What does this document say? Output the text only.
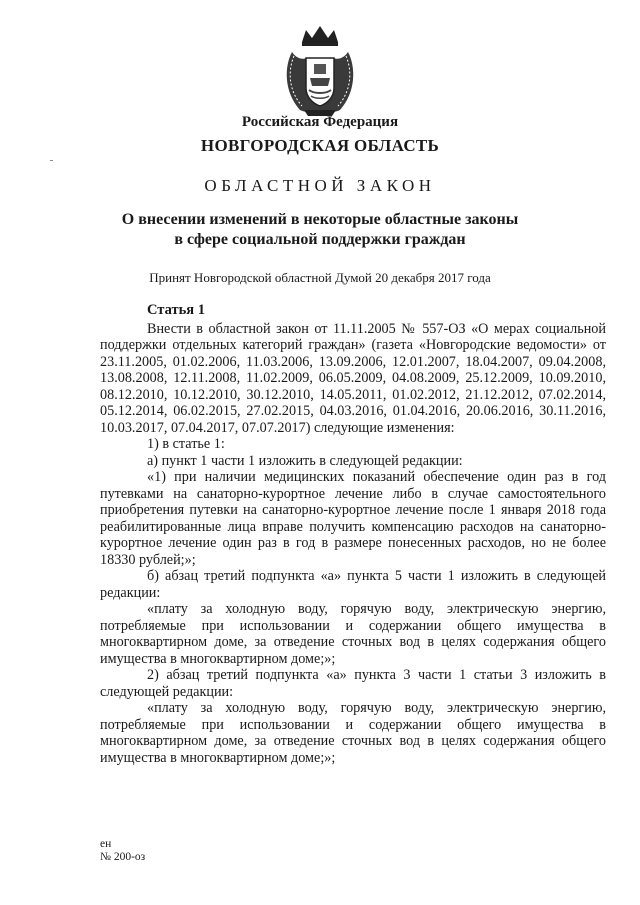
Российская Федерация
НОВГОРОДСКАЯ ОБЛАСТЬ
ОБЛАСТНОЙ ЗАКОН
О внесении изменений в некоторые областные законы
в сфере социальной поддержки граждан
Принят Новгородской областной Думой 20 декабря 2017 года
Статья 1

Внести в областной закон от 11.11.2005 № 557-ОЗ «О мерах социальной поддержки отдельных категорий граждан» (газета «Новгородские ведомости» от 23.11.2005, 01.02.2006, 11.03.2006, 13.09.2006, 12.01.2007, 18.04.2007, 09.04.2008, 13.08.2008, 12.11.2008, 11.02.2009, 06.05.2009, 04.08.2009, 25.12.2009, 10.09.2010, 08.12.2010, 10.12.2010, 30.12.2010, 14.05.2011, 01.02.2012, 21.12.2012, 07.02.2014, 05.12.2014, 06.02.2015, 27.02.2015, 04.03.2016, 01.04.2016, 20.06.2016, 30.11.2016, 10.03.2017, 07.04.2017, 07.07.2017) следующие изменения:

1) в статье 1:

а) пункт 1 части 1 изложить в следующей редакции:

«1) при наличии медицинских показаний обеспечение один раз в год путевками на санаторно-курортное лечение либо в случае самостоятельного приобретения путевки на санаторно-курортное лечение после 1 января 2018 года реабилитированные лица вправе получить компенсацию расходов на санаторно-курортное лечение один раз в год в размере понесенных расходов, но не более 18330 рублей;»;

б) абзац третий подпункта «а» пункта 5 части 1 изложить в следующей редакции:

«плату за холодную воду, горячую воду, электрическую энергию, потребляемые при использовании и содержании общего имущества в многоквартирном доме, за отведение сточных вод в целях содержания общего имущества в многоквартирном доме;»;

2) абзац третий подпункта «а» пункта 3 части 1 статьи 3 изложить в следующей редакции:

«плату за холодную воду, горячую воду, электрическую энергию, потребляемые при использовании и содержании общего имущества в многоквартирном доме, за отведение сточных вод в целях содержания общего имущества в многоквартирном доме;»;

ен
№ 200-оз
